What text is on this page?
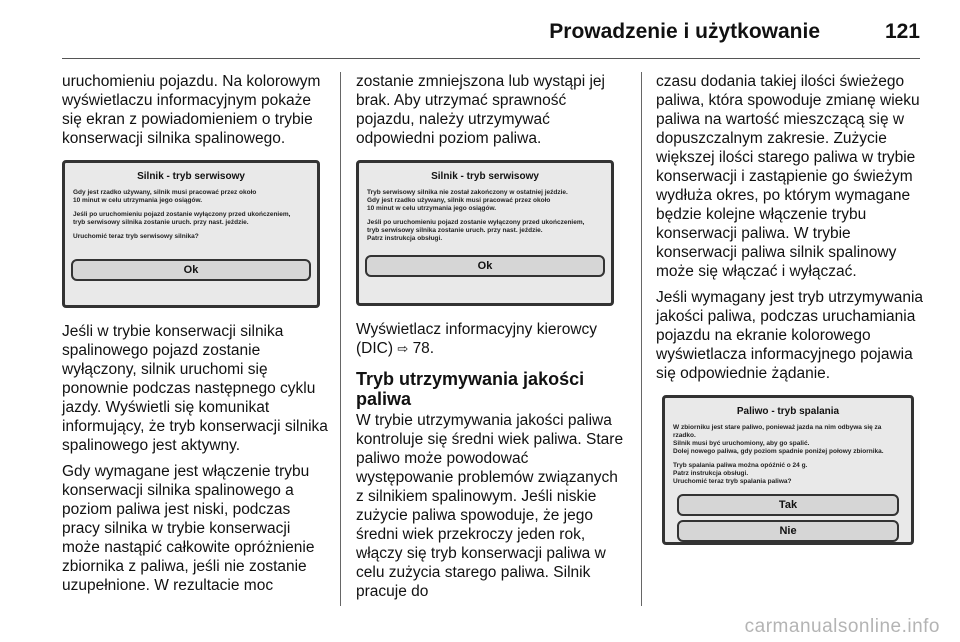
Prowadzenie i użytkowanie	121

uruchomieniu pojazdu. Na kolorowym wyświetlaczu informacyjnym pokaże się ekran z powiadomieniem o trybie konserwacji silnika spalinowego.

Silnik - tryb serwisowy
Gdy jest rzadko używany, silnik musi pracować przez około
10 minut w celu utrzymania jego osiągów.
Jeśli po uruchomieniu pojazd zostanie wyłączony przed ukończeniem,
tryb serwisowy silnika zostanie uruch. przy nast. jeździe.
Uruchomić teraz tryb serwisowy silnika?
Ok

Jeśli w trybie konserwacji silnika spalinowego pojazd zostanie wyłączony, silnik uruchomi się ponownie podczas następnego cyklu jazdy. Wyświetli się komunikat informujący, że tryb konserwacji silnika spalinowego jest aktywny.

Gdy wymagane jest włączenie trybu konserwacji silnika spalinowego a poziom paliwa jest niski, podczas pracy silnika w trybie konserwacji może nastąpić całkowite opróżnienie zbiornika z paliwa, jeśli nie zostanie uzupełnione. W rezultacie moc

zostanie zmniejszona lub wystąpi jej brak. Aby utrzymać sprawność pojazdu, należy utrzymywać odpowiedni poziom paliwa.

Silnik - tryb serwisowy
Tryb serwisowy silnika nie został zakończony w ostatniej jeździe.
Gdy jest rzadko używany, silnik musi pracować przez około
10 minut w celu utrzymania jego osiągów.
Jeśli po uruchomieniu pojazd zostanie wyłączony przed ukończeniem,
tryb serwisowy silnika zostanie uruch. przy nast. jeździe.
Patrz instrukcja obsługi.
Ok

Wyświetlacz informacyjny kierowcy (DIC) ⇨ 78.

Tryb utrzymywania jakości paliwa

W trybie utrzymywania jakości paliwa kontroluje się średni wiek paliwa. Stare paliwo może powodować występowanie problemów związanych z silnikiem spalinowym. Jeśli niskie zużycie paliwa spowoduje, że jego średni wiek przekroczy jeden rok, włączy się tryb konserwacji paliwa w celu zużycia starego paliwa. Silnik pracuje do

czasu dodania takiej ilości świeżego paliwa, która spowoduje zmianę wieku paliwa na wartość mieszczącą się w dopuszczalnym zakresie. Zużycie większej ilości starego paliwa w trybie konserwacji i zastąpienie go świeżym wydłuża okres, po którym wymagane będzie kolejne włączenie trybu konserwacji paliwa. W trybie konserwacji paliwa silnik spalinowy może się włączać i wyłączać.

Jeśli wymagany jest tryb utrzymywania jakości paliwa, podczas uruchamiania pojazdu na ekranie kolorowego wyświetlacza informacyjnego pojawia się odpowiednie żądanie.

Paliwo - tryb spalania
W zbiorniku jest stare paliwo, ponieważ jazda na nim odbywa się za rzadko.
Silnik musi być uruchomiony, aby go spalić.
Dolej nowego paliwa, gdy poziom spadnie poniżej połowy zbiornika.
Tryb spalania paliwa można opóźnić o 24 g.
Patrz instrukcja obsługi.
Uruchomić teraz tryb spalania paliwa?
Tak
Nie
carmanualsonline.info
